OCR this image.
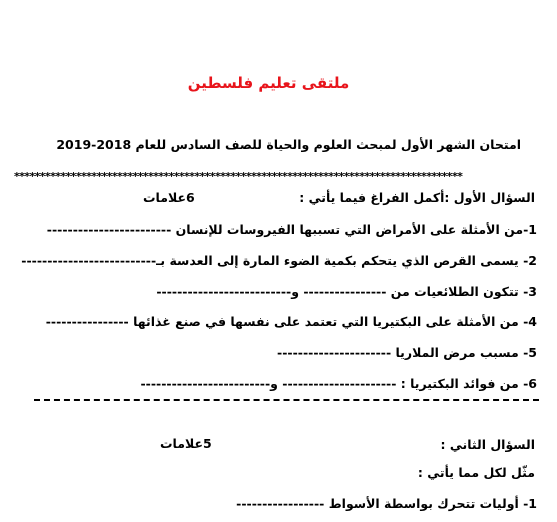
ملتقى تعليم فلسطين
امتحان الشهر الأول لمبحث العلوم والحياة للصف السادس للعام 2018-2019
***************************************************************************************
السؤال الأول :أكمل الفراغ فيما يأتي :
6علامات
1-من الأمثلة على الأمراض التي تسببها الفيروسات للإنسان ------------------------
2- يسمى القرص الذي يتحكم بكمية الضوء المارة إلى العدسة بـ--------------------------
3- تتكون الطلائعيات من ---------------- و--------------------------
4- من الأمثلة على البكتيريا التي تعتمد على نفسها في صنع غذائها ----------------
5- مسبب مرض الملاريا ----------------------
6- من فوائد البكتيريا : ---------------------- و-------------------------
السؤال الثاني :
5علامات
مثّل لكل مما يأتي :
1- أوليات تتحرك بواسطة الأسواط -----------------
